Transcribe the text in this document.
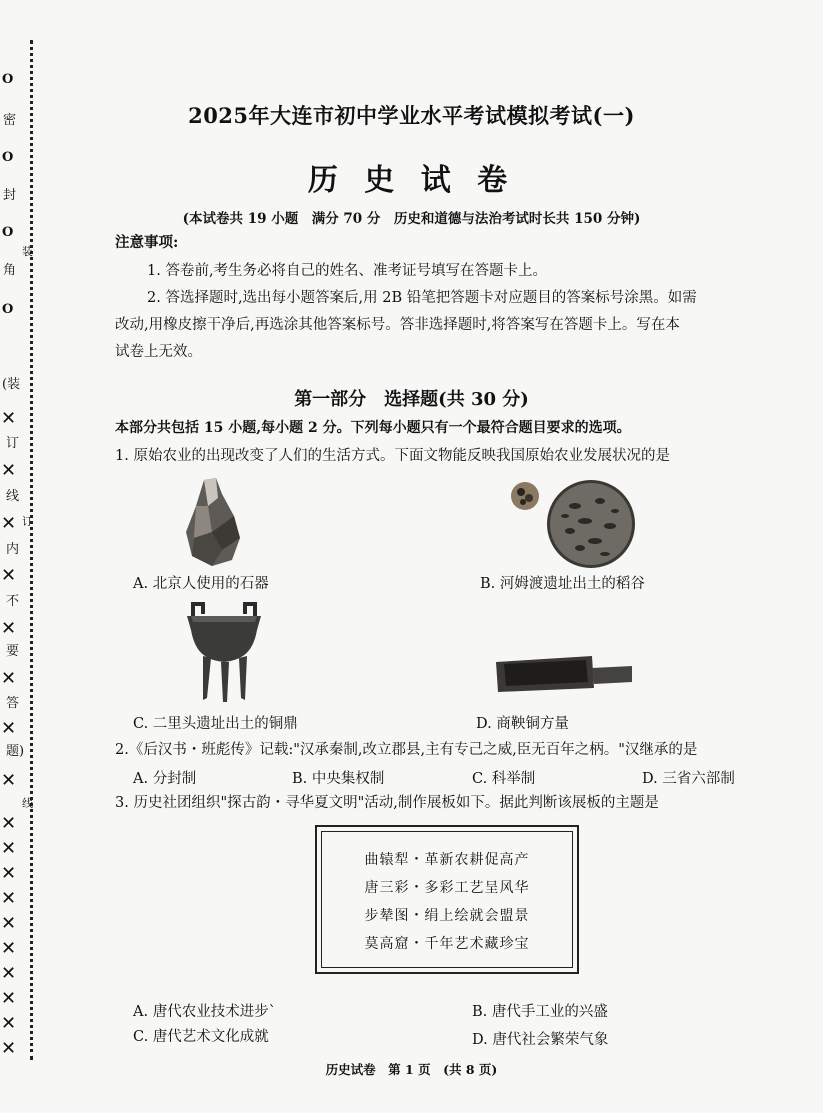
O
O
O
O
密
封
角
装
(装
订
线
订
内
不
要
答
题)
线
✕
✕
✕
✕
✕
✕
✕
✕
✕
✕
✕
✕
✕
✕
✕
✕
✕
✕
2025年大连市初中学业水平考试模拟考试(一)
历 史 试 卷
(本试卷共 19 小题　满分 70 分　历史和道德与法治考试时长共 150 分钟)
注意事项:
1. 答卷前,考生务必将自己的姓名、准考证号填写在答题卡上。
2. 答选择题时,选出每小题答案后,用 2B 铅笔把答题卡对应题目的答案标号涂黑。如需
改动,用橡皮擦干净后,再选涂其他答案标号。答非选择题时,将答案写在答题卡上。写在本
试卷上无效。
第一部分　选择题(共 30 分)
本部分共包括 15 小题,每小题 2 分。下列每小题只有一个最符合题目要求的选项。
1. 原始农业的出现改变了人们的生活方式。下面文物能反映我国原始农业发展状况的是
A. 北京人使用的石器	B. 河姆渡遗址出土的稻谷
C. 二里头遗址出土的铜鼎	D. 商鞅铜方量
2.《后汉书・班彪传》记载:"汉承秦制,改立郡县,主有专己之威,臣无百年之柄。"汉继承的是
A. 分封制	B. 中央集权制	C. 科举制	D. 三省六部制
3. 历史社团组织"探古韵・寻华夏文明"活动,制作展板如下。据此判断该展板的主题是
曲辕犁・革新农耕促高产
唐三彩・多彩工艺呈风华
步辇图・绢上绘就会盟景
莫高窟・千年艺术藏珍宝
A. 唐代农业技术进步`	B. 唐代手工业的兴盛
C. 唐代艺术文化成就	D. 唐代社会繁荣气象
历史试卷　第 1 页　(共 8 页)
